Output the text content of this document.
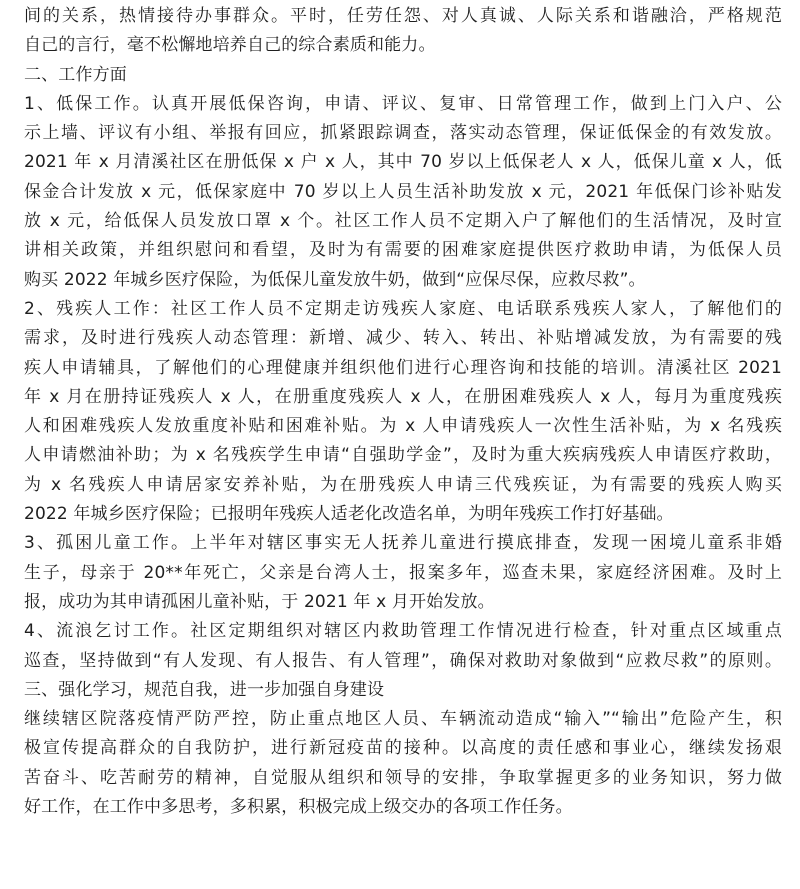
间的关系，热情接待办事群众。平时，任劳任怨、对人真诚、人际关系和谐融洽，严格规范
自己的言行，毫不松懈地培养自己的综合素质和能力。
二、工作方面
1、低保工作。认真开展低保咨询，申请、评议、复审、日常管理工作，做到上门入户、公
示上墙、评议有小组、举报有回应，抓紧跟踪调查，落实动态管理，保证低保金的有效发放。
2021 年 x 月清溪社区在册低保 x 户 x 人，其中 70 岁以上低保老人 x 人，低保儿童 x 人，低
保金合计发放 x 元，低保家庭中 70 岁以上人员生活补助发放 x 元，2021 年低保门诊补贴发
放 x 元，给低保人员发放口罩 x 个。社区工作人员不定期入户了解他们的生活情况，及时宣
讲相关政策，并组织慰问和看望，及时为有需要的困难家庭提供医疗救助申请，为低保人员
购买 2022 年城乡医疗保险，为低保儿童发放牛奶，做到“应保尽保，应救尽救”。
2、残疾人工作：社区工作人员不定期走访残疾人家庭、电话联系残疾人家人，了解他们的
需求，及时进行残疾人动态管理：新增、减少、转入、转出、补贴增减发放，为有需要的残
疾人申请辅具，了解他们的心理健康并组织他们进行心理咨询和技能的培训。清溪社区 2021
年 x 月在册持证残疾人 x 人，在册重度残疾人 x 人，在册困难残疾人 x 人，每月为重度残疾
人和困难残疾人发放重度补贴和困难补贴。为 x 人申请残疾人一次性生活补贴，为 x 名残疾
人申请燃油补助；为 x 名残疾学生申请“自强助学金”，及时为重大疾病残疾人申请医疗救助，
为 x 名残疾人申请居家安养补贴，为在册残疾人申请三代残疾证，为有需要的残疾人购买
2022 年城乡医疗保险；已报明年残疾人适老化改造名单，为明年残疾工作打好基础。
3、孤困儿童工作。上半年对辖区事实无人抚养儿童进行摸底排查，发现一困境儿童系非婚
生子，母亲于 20**年死亡，父亲是台湾人士，报案多年，巡查未果，家庭经济困难。及时上
报，成功为其申请孤困儿童补贴，于 2021 年 x 月开始发放。
4、流浪乞讨工作。社区定期组织对辖区内救助管理工作情况进行检查，针对重点区域重点
巡查，坚持做到“有人发现、有人报告、有人管理”，确保对救助对象做到“应救尽救”的原则。
三、强化学习，规范自我，进一步加强自身建设
继续辖区院落疫情严防严控，防止重点地区人员、车辆流动造成“输入”“输出”危险产生，积
极宣传提高群众的自我防护，进行新冠疫苗的接种。以高度的责任感和事业心，继续发扬艰
苦奋斗、吃苦耐劳的精神，自觉服从组织和领导的安排，争取掌握更多的业务知识，努力做
好工作，在工作中多思考，多积累，积极完成上级交办的各项工作任务。
